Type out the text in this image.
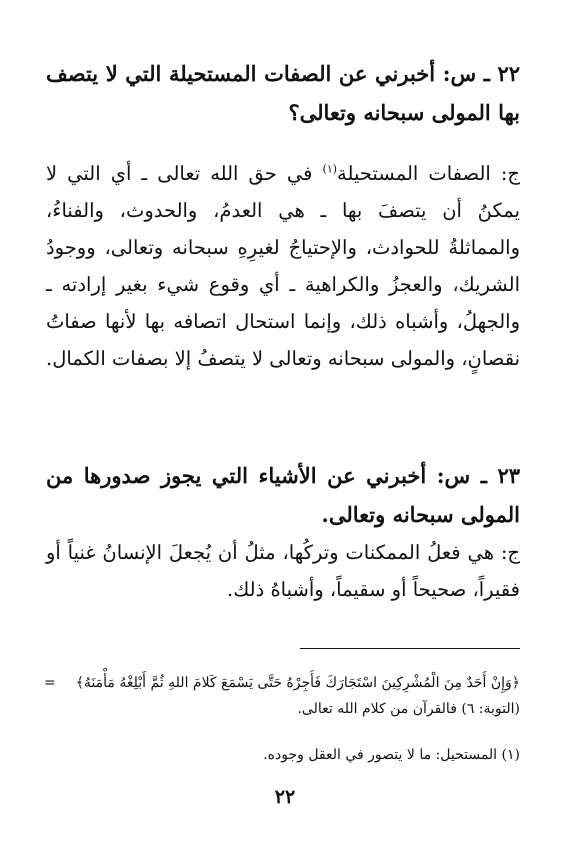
٢٢ ـ س: أخبرني عن الصفات المستحيلة التي لا يتصف بها المولى سبحانه وتعالى؟

ج: الصفات المستحيلة$^{(١)}$ في حق الله تعالى ـ أي التي لا يمكنُ أن يتصفَ بها ـ هي العدمُ، والحدوث، والفناءُ، والمماثلةُ للحوادث، والإحتياجُ لغيرِهِ سبحانه وتعالى، ووجودُ الشريك، والعجزُ والكراهية ـ أي وقوع شيء بغير إرادته ـ والجهلُ، وأشباه ذلك، وإنما استحال اتصافه بها لأنها صفاتُ نقصانٍ، والمولى سبحانه وتعالى لا يتصفُ إلا بصفات الكمال.

٢٣ ـ س: أخبرني عن الأشياء التي يجوز صدورها من المولى سبحانه وتعالى.

ج: هي فعلُ الممكنات وتركُها، مثلُ أن يُجعلَ الإنسانُ غنياً أو فقيراً، صحيحاً أو سقيماً، وأشباهُ ذلك.

= ﴿وَإِنْ أَحَدٌ مِنَ الْمُشْرِكِينَ اسْتَجَارَكَ فَأَجِرْهُ حَتَّى يَسْمَعَ كَلامَ اللهِ ثُمَّ أَبْلِغْهُ مَأْمَنَهُ﴾ (التوبة: ٦) فالقرآن من كلام الله تعالى.
(١) المستحيل: ما لا يتصور في العقل وجوده.
٢٢
